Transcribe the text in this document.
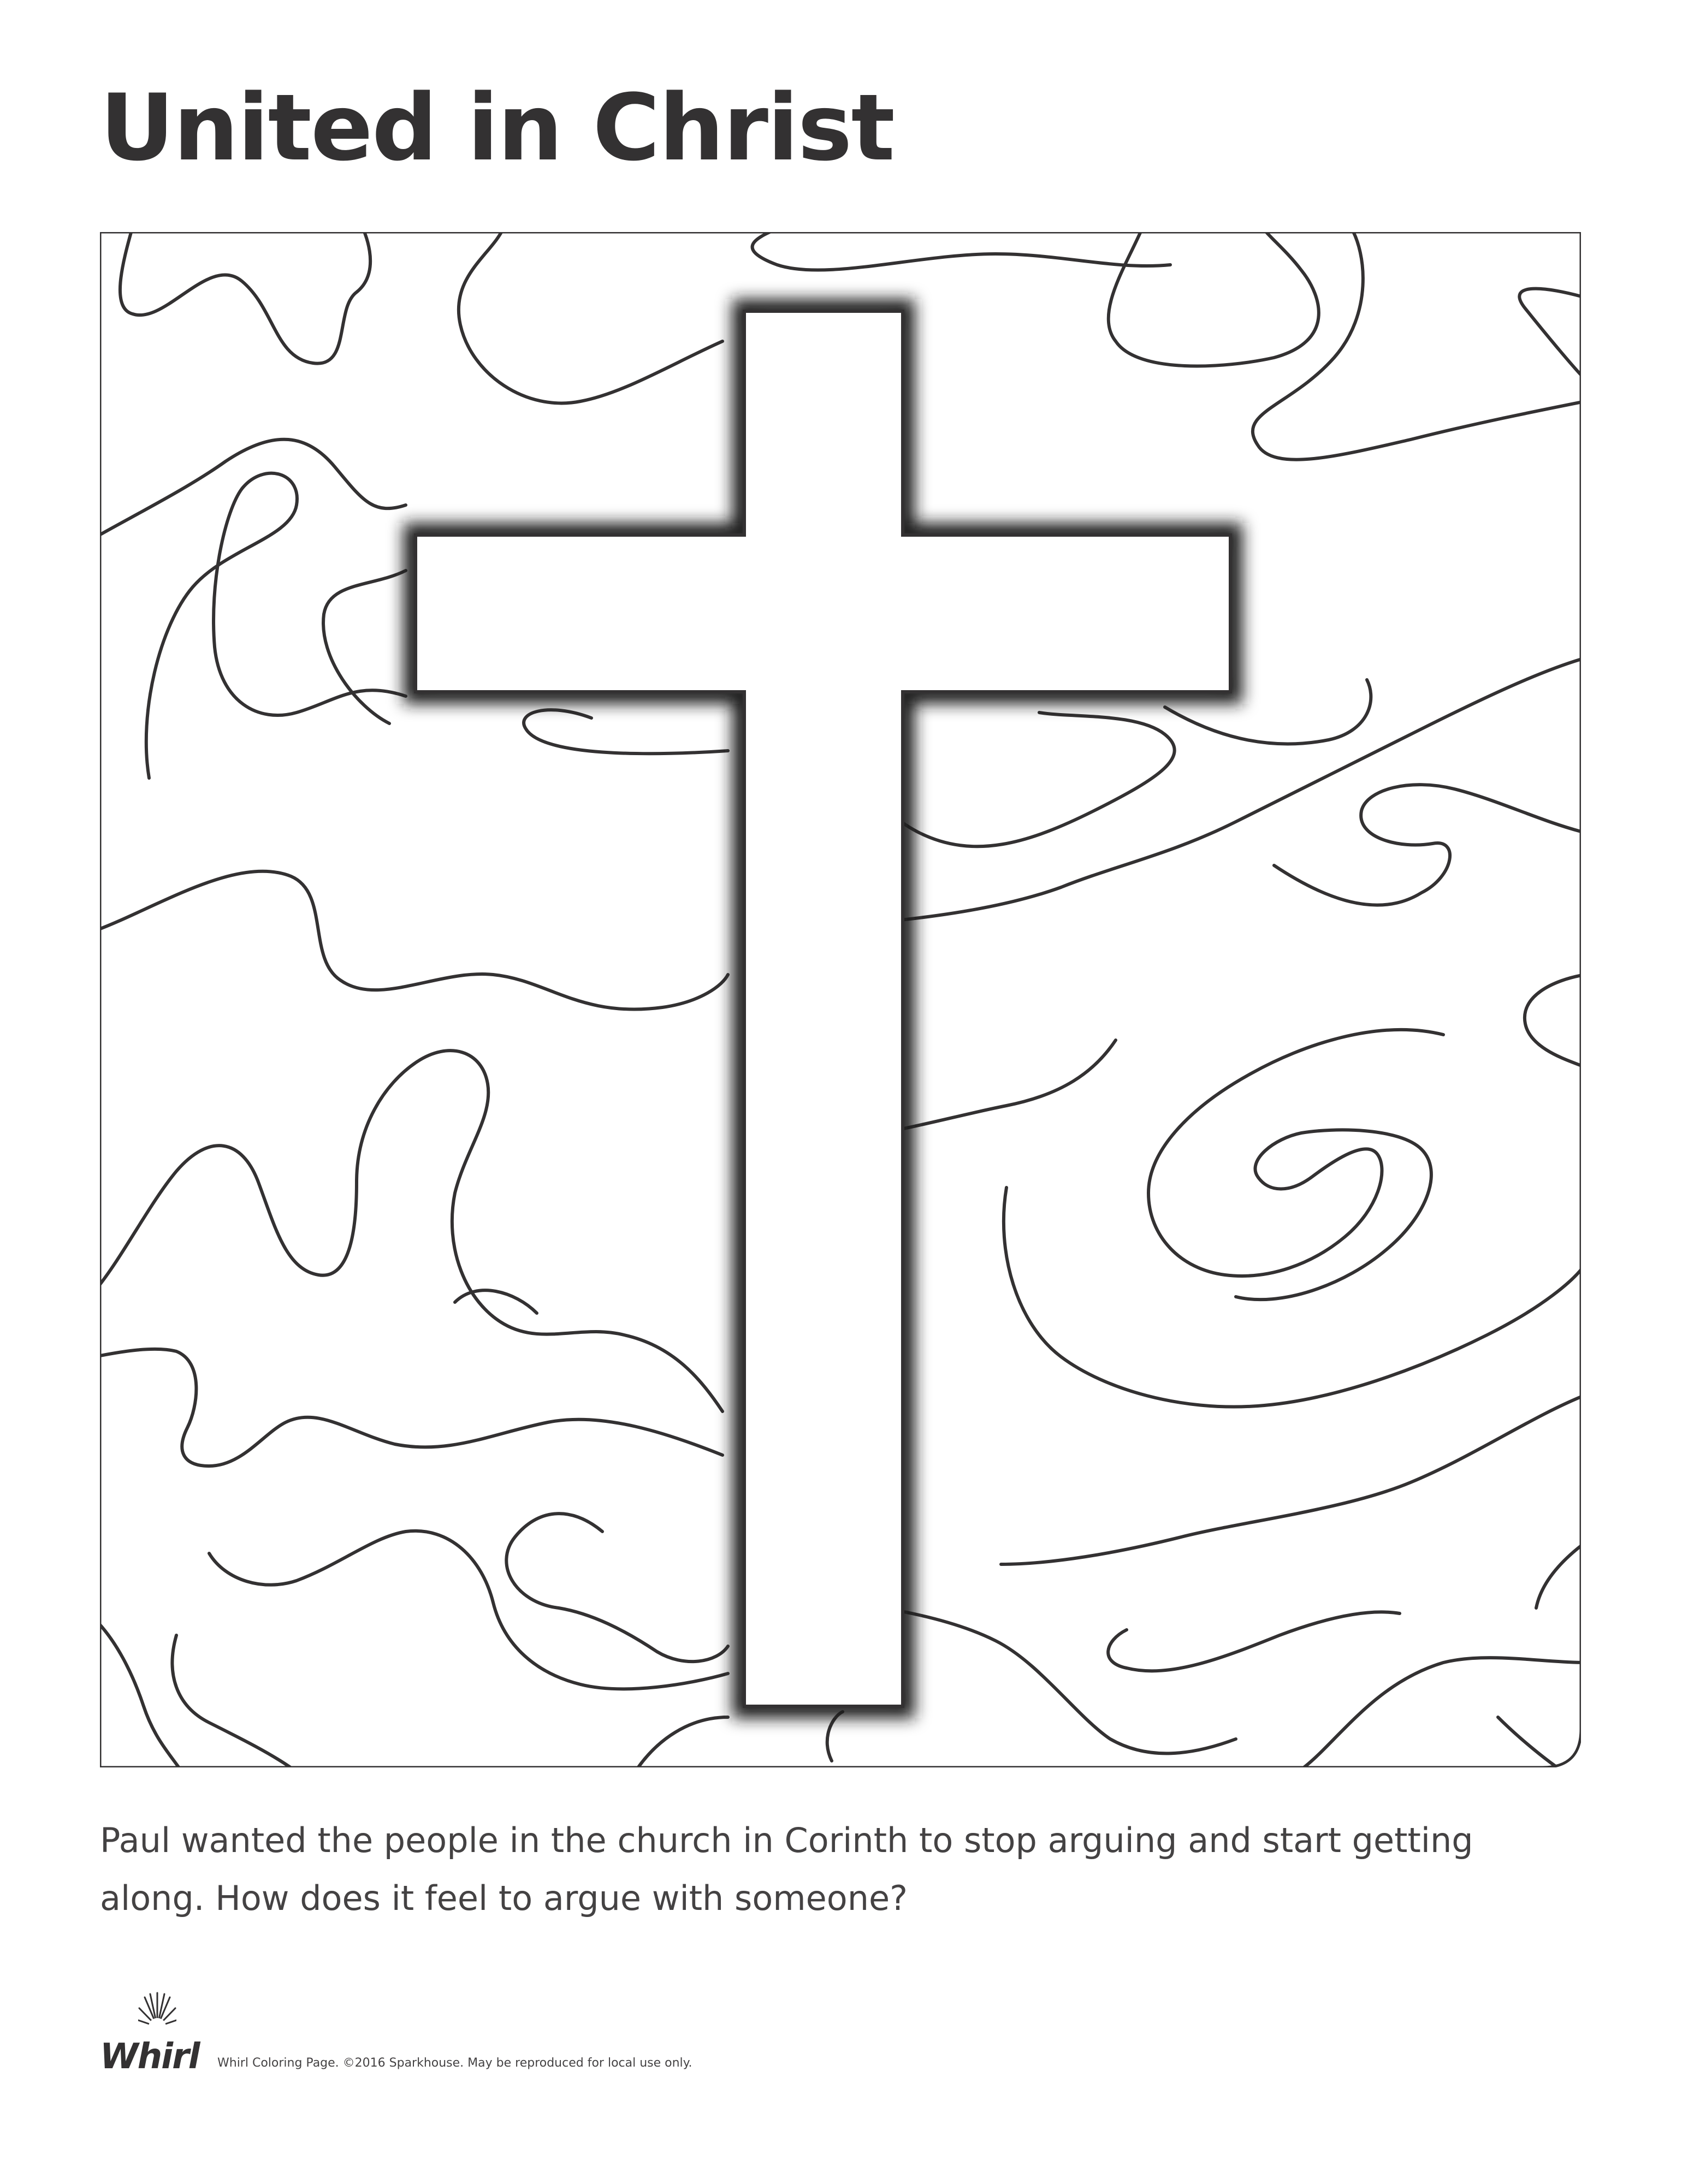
United in Christ

Paul wanted the people in the church in Corinth to stop arguing and start getting along. How does it feel to argue with someone?

Whirl Whirl Coloring Page. ©2016 Sparkhouse. May be reproduced for local use only.
